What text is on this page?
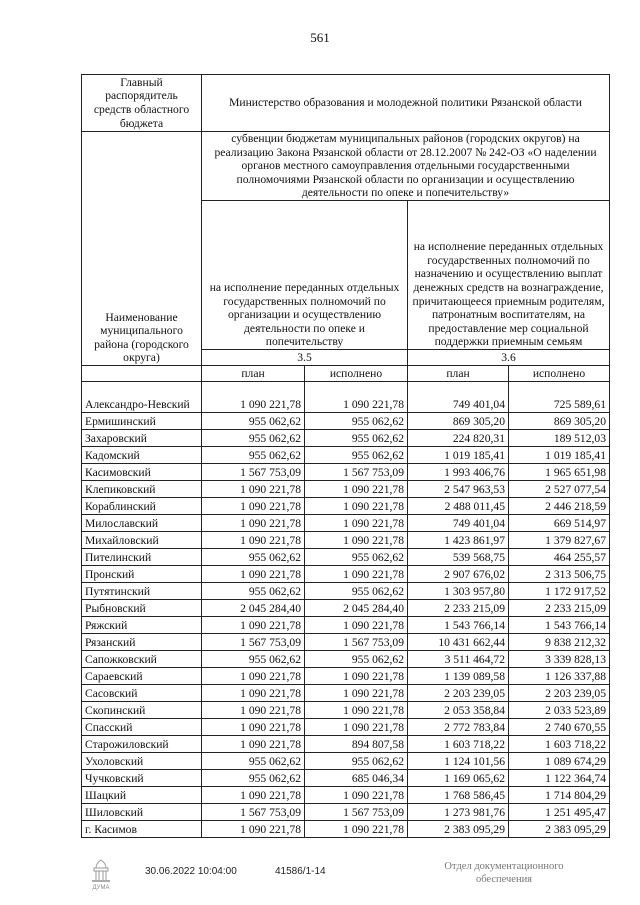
561
Главный распорядитель средств областного бюджета	Министерство образования и молодежной политики Рязанской области			
Наименование муниципального района (городского округа)	субвенции бюджетам муниципальных районов (городских округов) на реализацию Закона Рязанской области от 28.12.2007 № 242-ОЗ «О наделении органов местного самоуправления отдельными государственными полномочиями Рязанской области по организации и осуществлению деятельности по опеке и попечительству»			
	на исполнение переданных отдельных государственных полномочий по организации и осуществлению деятельности по опеке и попечительству		на исполнение переданных отдельных государственных полномочий по назначению и осуществлению выплат денежных средств на вознаграждение, причитающееся приемным родителям, патронатным воспитателям, на предоставление мер социальной поддержки приемным семьям	
	3.5		3.6	
	план	исполнено	план	исполнено
Александро-Невский	1 090 221,78	1 090 221,78	749 401,04	725 589,61
Ермишинский	955 062,62	955 062,62	869 305,20	869 305,20
Захаровский	955 062,62	955 062,62	224 820,31	189 512,03
Кадомский	955 062,62	955 062,62	1 019 185,41	1 019 185,41
Касимовский	1 567 753,09	1 567 753,09	1 993 406,76	1 965 651,98
Клепиковский	1 090 221,78	1 090 221,78	2 547 963,53	2 527 077,54
Кораблинский	1 090 221,78	1 090 221,78	2 488 011,45	2 446 218,59
Милославский	1 090 221,78	1 090 221,78	749 401,04	669 514,97
Михайловский	1 090 221,78	1 090 221,78	1 423 861,97	1 379 827,67
Пителинский	955 062,62	955 062,62	539 568,75	464 255,57
Пронский	1 090 221,78	1 090 221,78	2 907 676,02	2 313 506,75
Путятинский	955 062,62	955 062,62	1 303 957,80	1 172 917,52
Рыбновский	2 045 284,40	2 045 284,40	2 233 215,09	2 233 215,09
Ряжский	1 090 221,78	1 090 221,78	1 543 766,14	1 543 766,14
Рязанский	1 567 753,09	1 567 753,09	10 431 662,44	9 838 212,32
Сапожковский	955 062,62	955 062,62	3 511 464,72	3 339 828,13
Сараевский	1 090 221,78	1 090 221,78	1 139 089,58	1 126 337,88
Сасовский	1 090 221,78	1 090 221,78	2 203 239,05	2 203 239,05
Скопинский	1 090 221,78	1 090 221,78	2 053 358,84	2 033 523,89
Спасский	1 090 221,78	1 090 221,78	2 772 783,84	2 740 670,55
Старожиловский	1 090 221,78	894 807,58	1 603 718,22	1 603 718,22
Ухоловский	955 062,62	955 062,62	1 124 101,56	1 089 674,29
Чучковский	955 062,62	685 046,34	1 169 065,62	1 122 364,74
Шацкий	1 090 221,78	1 090 221,78	1 768 586,45	1 714 804,29
Шиловский	1 567 753,09	1 567 753,09	1 273 981,76	1 251 495,47
г. Касимов	1 090 221,78	1 090 221,78	2 383 095,29	2 383 095,29
ДУМА
30.06.2022 10:04:00	41586/1-14	Отдел документационного обеспечения
